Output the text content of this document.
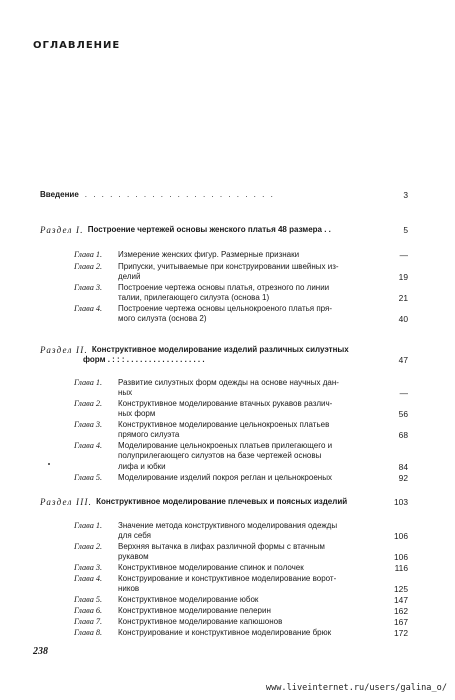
ОГЛАВЛЕНИЕ
Введение . . . . . . . . . . . . . . . . . . . . . . .	3
Раздел I. Построение чертежей основы женского платья 48 размера . .	5
Глава 1.	Измерение женских фигур. Размерные признаки	—
Глава 2.	Припуски, учитываемые при конструировании швейных из-
делий	19
Глава 3.	Построение чертежа основы платья, отрезного по линии
талии, прилегающего силуэта (основа 1)	21
Глава 4.	Построение чертежа основы цельнокроеного платья пря-
мого силуэта (основа 2)	40
Раздел II. Конструктивное моделирование изделий различных силуэтных
форм . : : : . . . . . . . . . . . . . . . . . .	47
Глава 1.	Развитие силуэтных форм одежды на основе научных дан-
ных	—
Глава 2.	Конструктивное моделирование втачных рукавов различ-
ных форм	56
Глава 3.	Конструктивное моделирование цельнокроеных платьев
прямого силуэта	68
Глава 4.	Моделирование цельнокроеных платьев прилегающего и
полуприлегающего силуэтов на базе чертежей основы
лифа и юбки	84
Глава 5.	Моделирование изделий покроя реглан и цельнокроеных	92
Раздел III. Конструктивное моделирование плечевых и поясных изделий	103
Глава 1.	Значение метода конструктивного моделирования одежды
для себя	106
Глава 2.	Верхняя вытачка в лифах различной формы с втачным
рукавом	106
Глава 3.	Конструктивное моделирование спинок и полочек	116
Глава 4.	Конструирование и конструктивное моделирование ворот-
ников	125
Глава 5.	Конструктивное моделирование юбок	147
Глава 6.	Конструктивное моделирование пелерин	162
Глава 7.	Конструктивное моделирование капюшонов	167
Глава 8.	Конструирование и конструктивное моделирование брюк	172
238
www.liveinternet.ru/users/galina_o/
